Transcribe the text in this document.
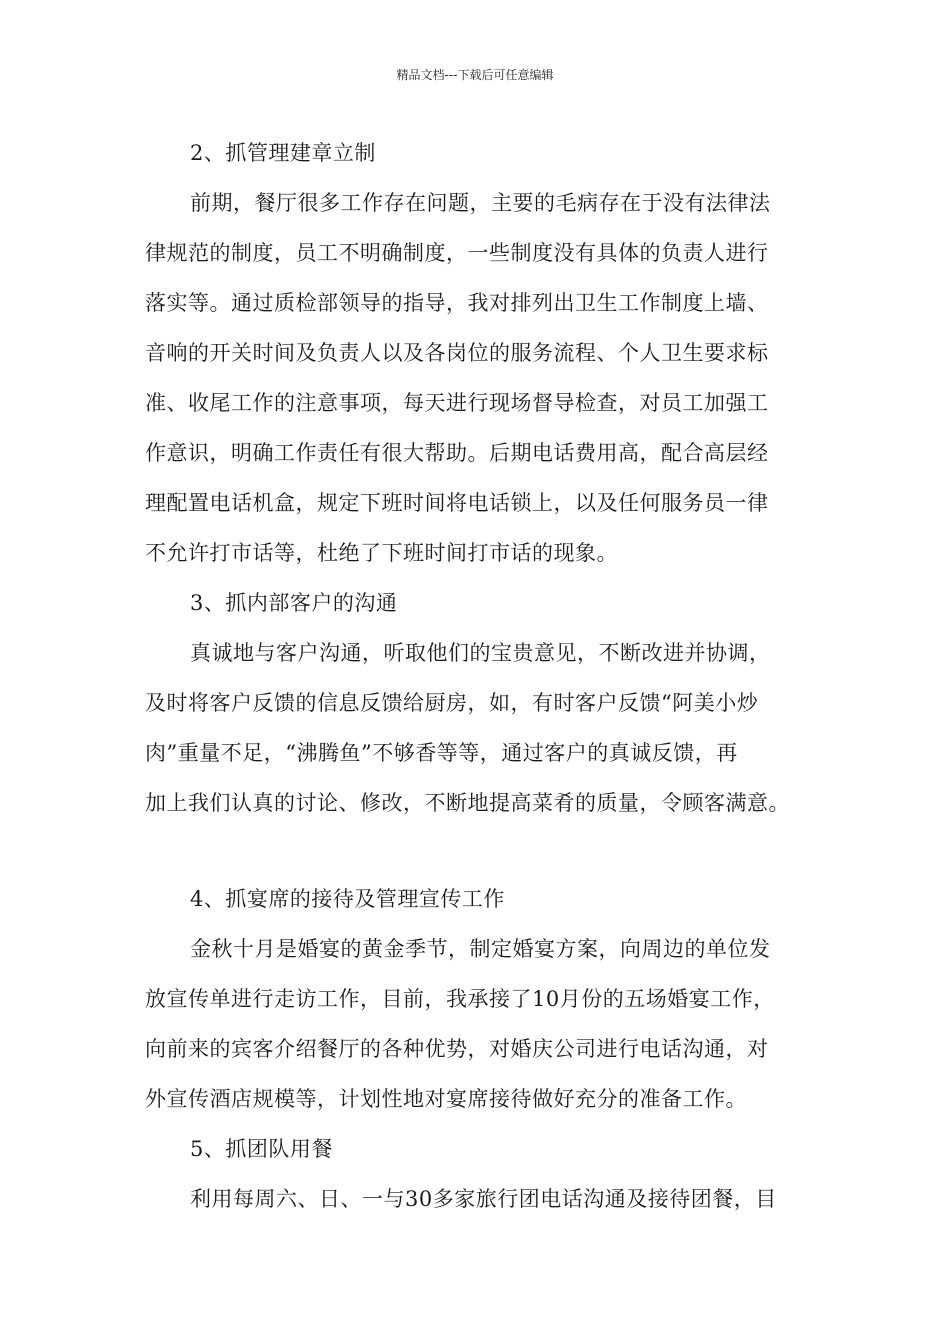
精品文档---下载后可任意编辑
2、抓管理建章立制
前期，餐厅很多工作存在问题，主要的毛病存在于没有法律法
律规范的制度，员工不明确制度，一些制度没有具体的负责人进行
落实等。通过质检部领导的指导，我对排列出卫生工作制度上墙、
音响的开关时间及负责人以及各岗位的服务流程、个人卫生要求标
准、收尾工作的注意事项，每天进行现场督导检查，对员工加强工
作意识，明确工作责任有很大帮助。后期电话费用高，配合高层经
理配置电话机盒，规定下班时间将电话锁上，以及任何服务员一律
不允许打市话等，杜绝了下班时间打市话的现象。
3、抓内部客户的沟通
真诚地与客户沟通，听取他们的宝贵意见，不断改进并协调，
及时将客户反馈的信息反馈给厨房，如，有时客户反馈“阿美小炒
肉”重量不足，“沸腾鱼”不够香等等，通过客户的真诚反馈，再
加上我们认真的讨论、修改，不断地提高菜肴的质量，令顾客满意。
4、抓宴席的接待及管理宣传工作
金秋十月是婚宴的黄金季节，制定婚宴方案，向周边的单位发
放宣传单进行走访工作，目前，我承接了10月份的五场婚宴工作，
向前来的宾客介绍餐厅的各种优势，对婚庆公司进行电话沟通，对
外宣传酒店规模等，计划性地对宴席接待做好充分的准备工作。
5、抓团队用餐
利用每周六、日、一与30多家旅行团电话沟通及接待团餐，目
